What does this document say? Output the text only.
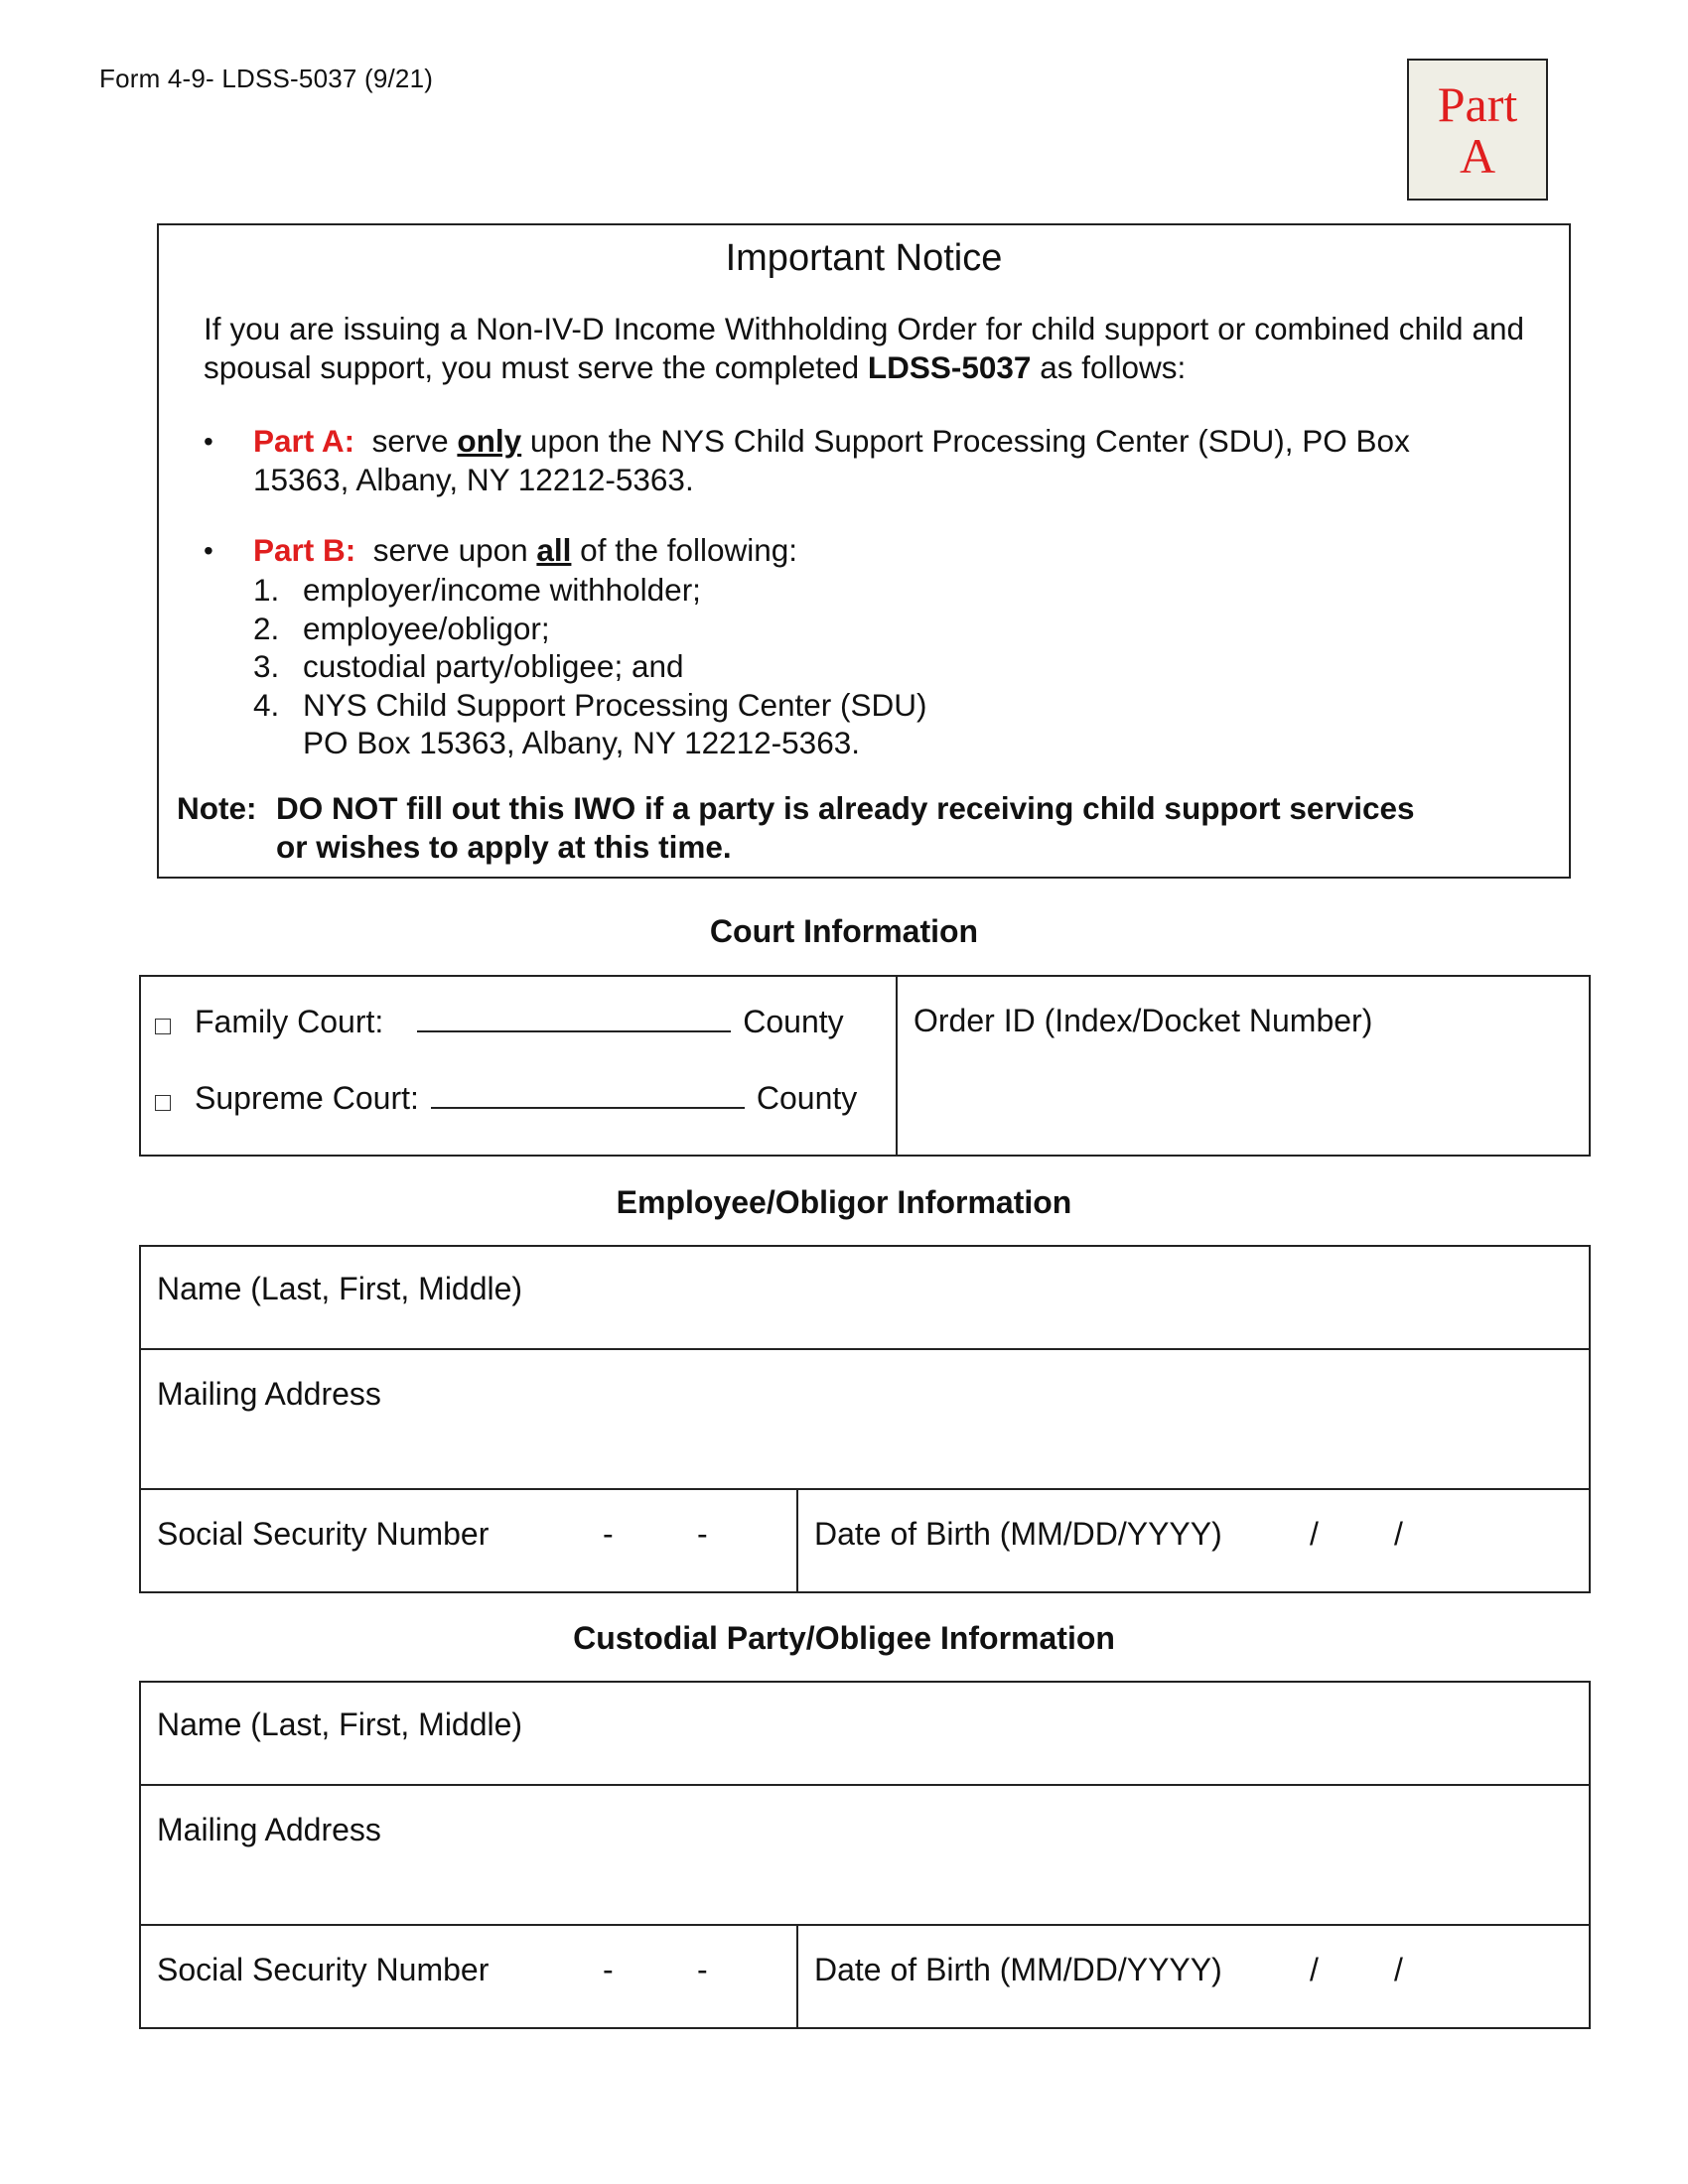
Form 4-9- LDSS-5037 (9/21)	Part
A
Important Notice
If you are issuing a Non-IV-D Income Withholding Order for child support or combined child and spousal support, you must serve the completed LDSS-5037 as follows:
• Part A:  serve only upon the NYS Child Support Processing Center (SDU), PO Box 15363, Albany, NY 12212-5363.
• Part B:  serve upon all of the following:
1. employer/income withholder;
2. employee/obligor;
3. custodial party/obligee; and
4. NYS Child Support Processing Center (SDU)
PO Box 15363, Albany, NY 12212-5363.
Note: DO NOT fill out this IWO if a party is already receiving child support services
or wishes to apply at this time.
Court Information
Family Court:	County
Supreme Court:	County

Order ID (Index/Docket Number)
Employee/Obligor Information
Name (Last, First, Middle)

Mailing Address

Social Security Number	-	-	Date of Birth (MM/DD/YYYY)	/ /
Custodial Party/Obligee Information
Name (Last, First, Middle)

Mailing Address

Social Security Number	-	-	Date of Birth (MM/DD/YYYY)	/ /
